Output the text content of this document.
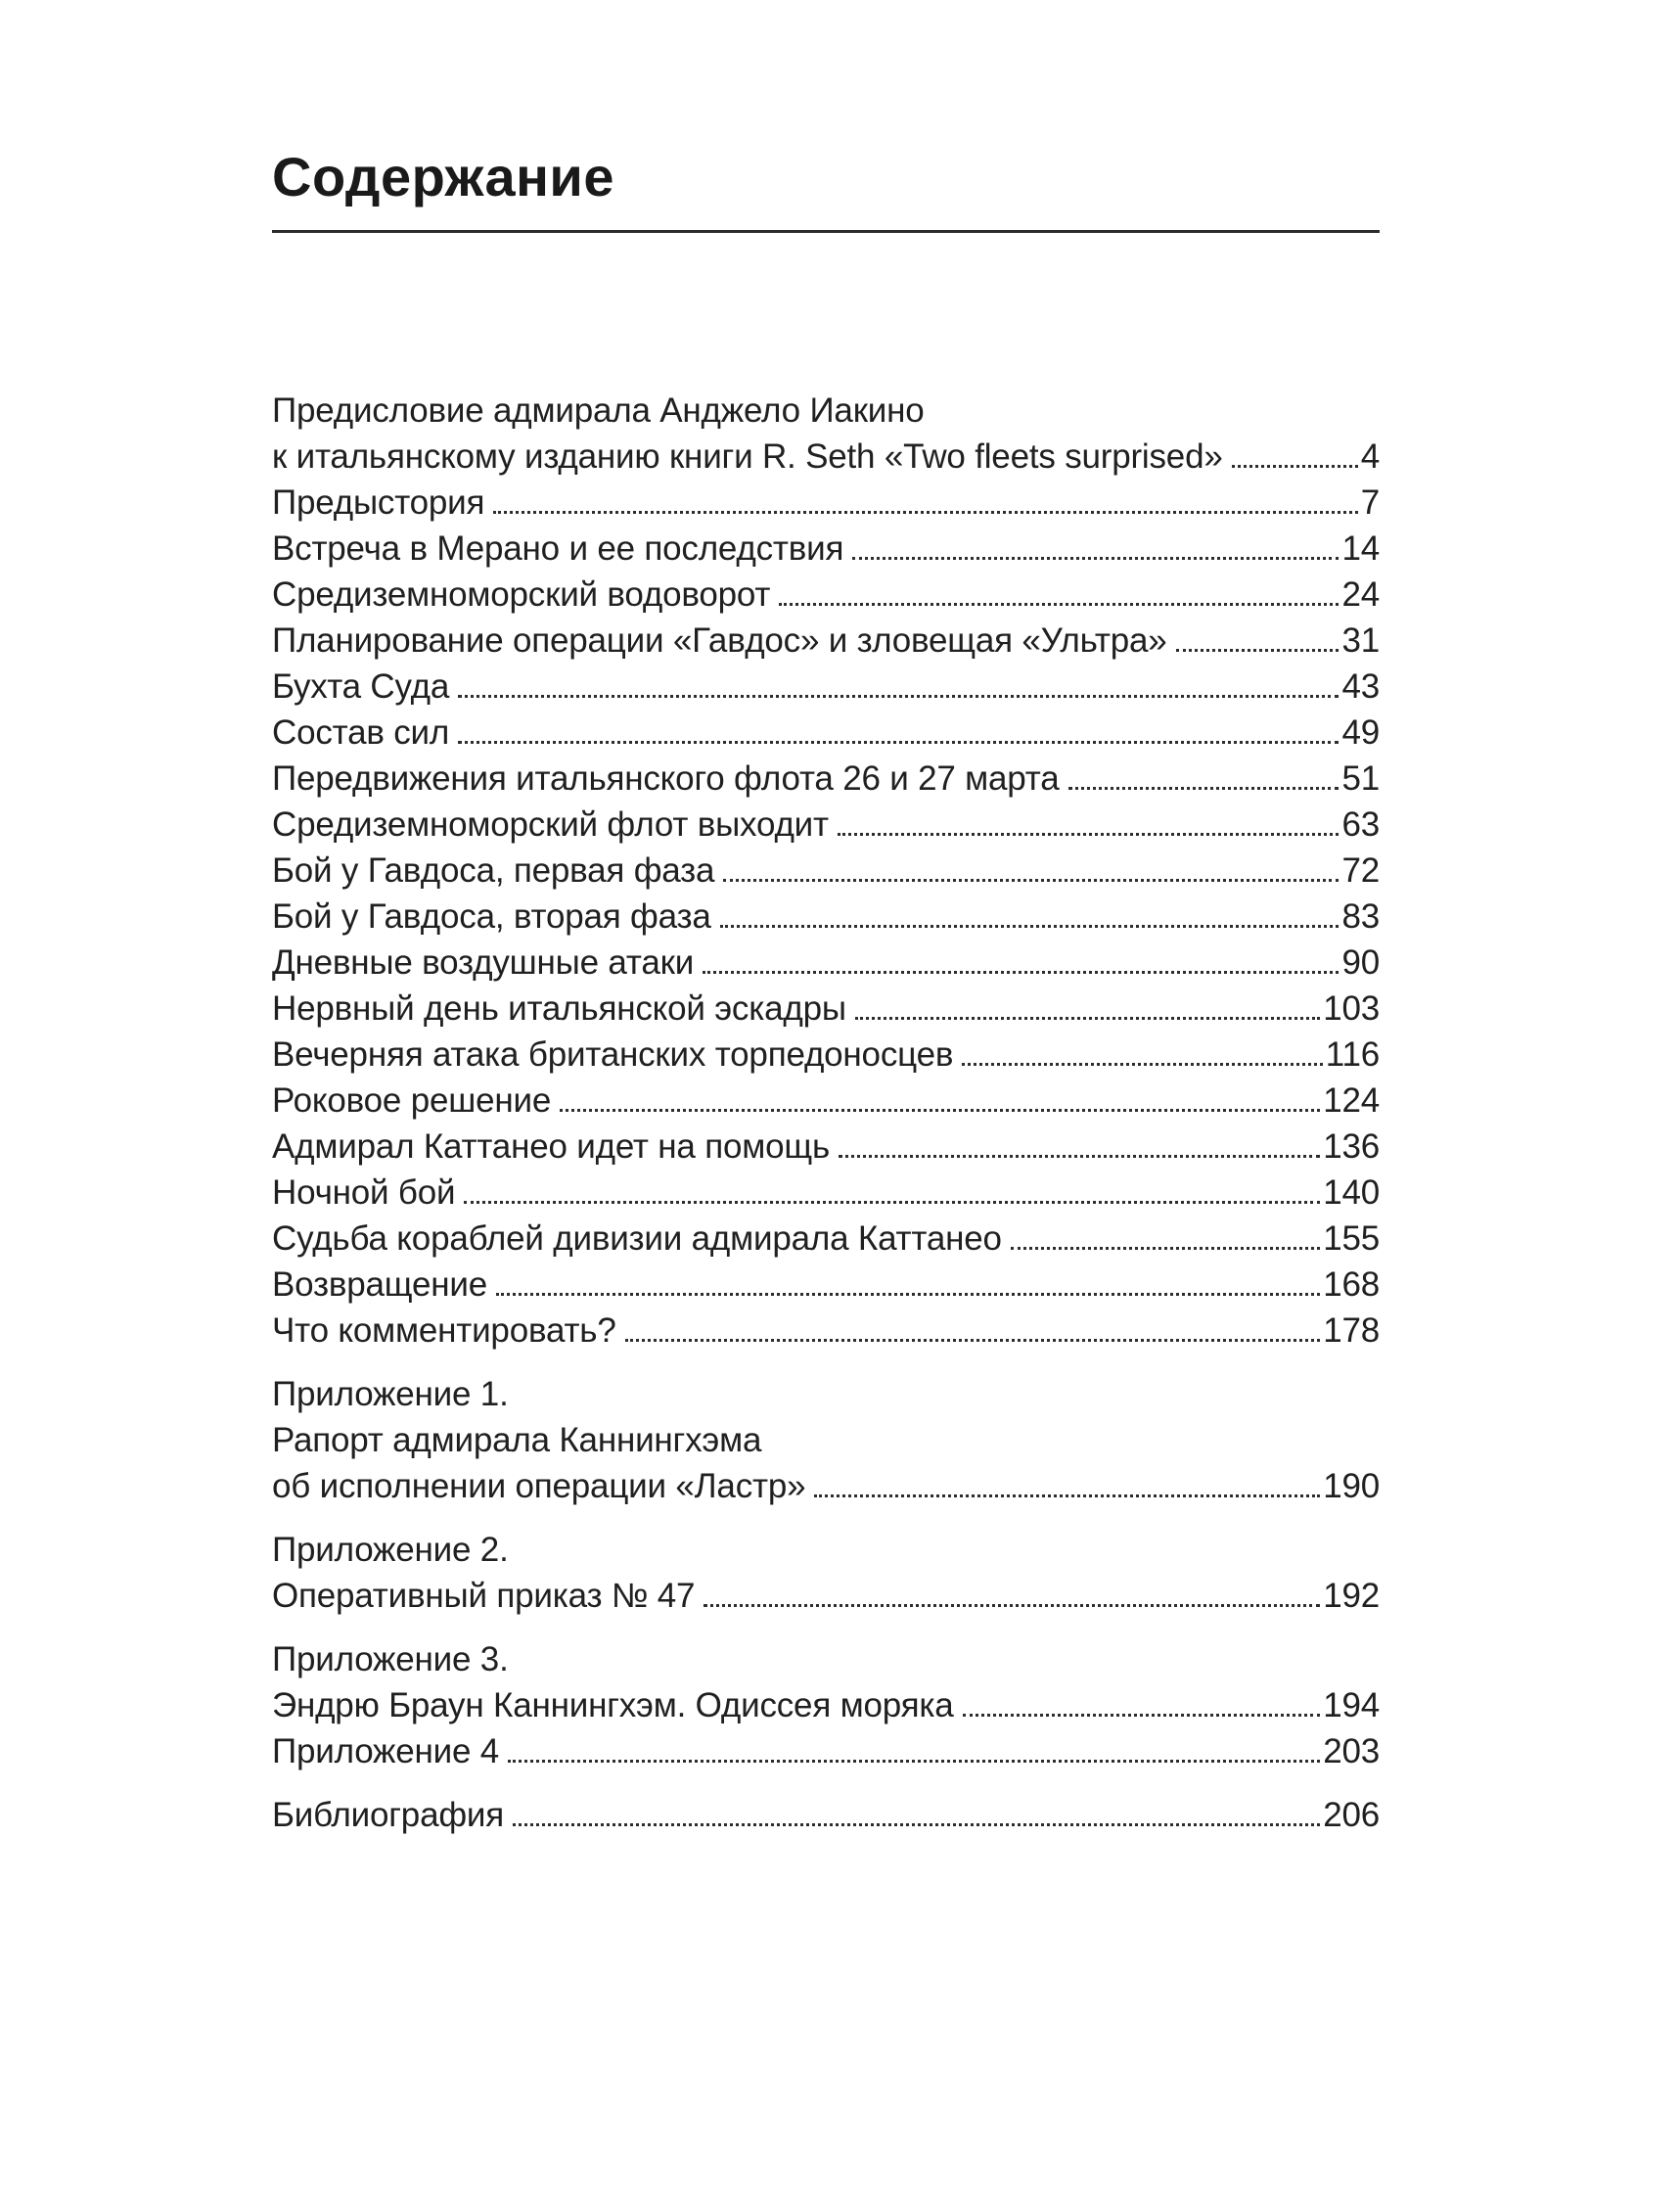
Содержание
Предисловие адмирала Анджело Иакино
к итальянскому изданию книги R. Seth «Two fleets surprised»	4
Предыстория	7
Встреча в Мерано и ее последствия	14
Средиземноморский водоворот	24
Планирование операции «Гавдос» и зловещая «Ультра»	31
Бухта Суда	43
Состав сил	49
Передвижения итальянского флота 26 и 27 марта	51
Средиземноморский флот выходит	63
Бой у Гавдоса, первая фаза	72
Бой у Гавдоса, вторая фаза	83
Дневные воздушные атаки	90
Нервный день итальянской эскадры	103
Вечерняя атака британских торпедоносцев	116
Роковое решение	124
Адмирал Каттанео идет на помощь	136
Ночной бой	140
Судьба кораблей дивизии адмирала Каттанео	155
Возвращение	168
Что комментировать?	178
Приложение 1.
Рапорт адмирала Каннингхэма
об исполнении операции «Ластр»	190
Приложение 2.
Оперативный приказ № 47	192
Приложение 3.
Эндрю Браун Каннингхэм. Одиссея моряка	194
Приложение 4	203
Библиография	206
